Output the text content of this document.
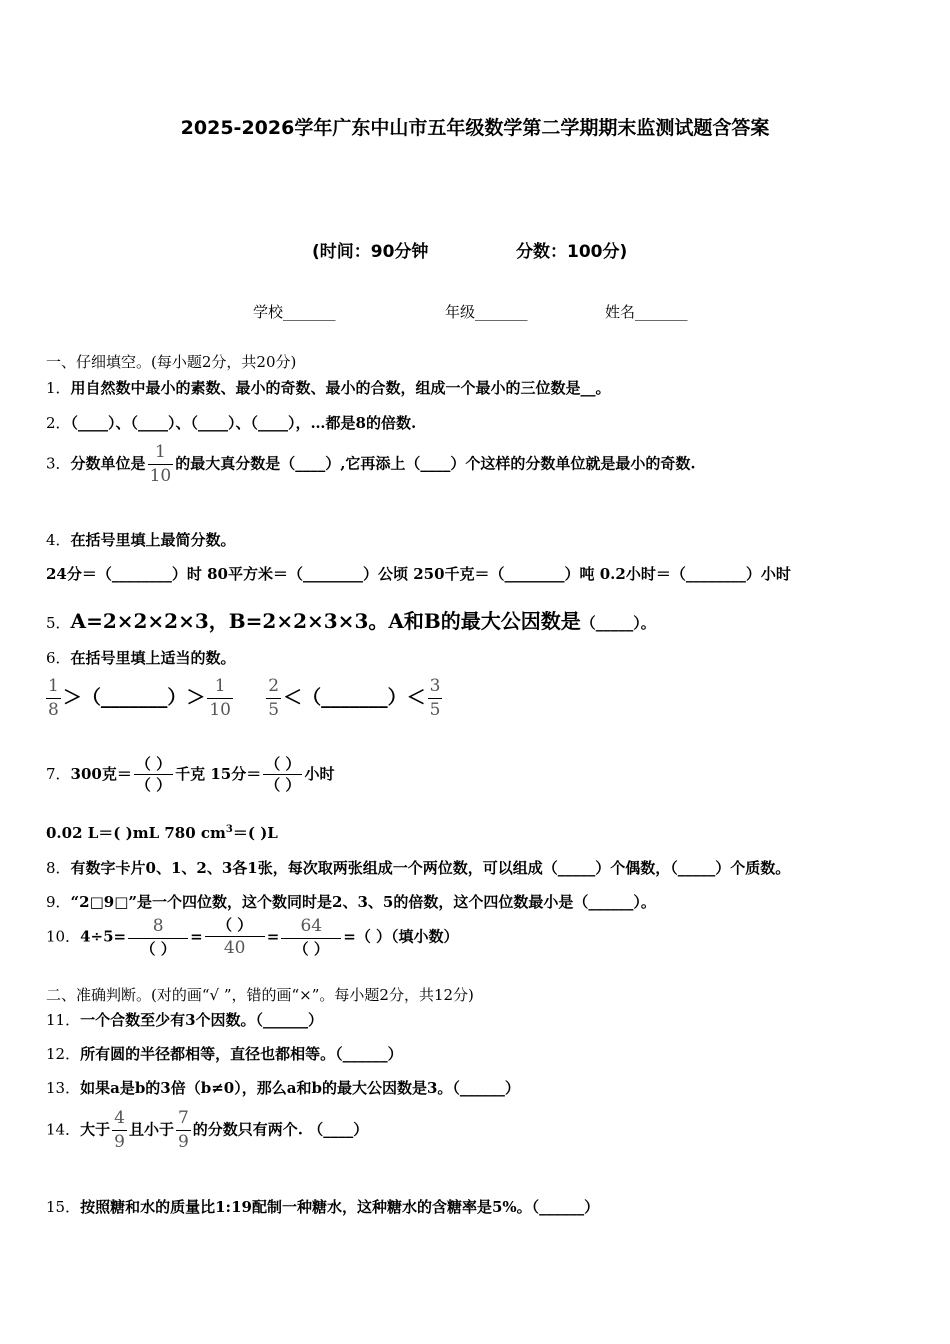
2025-2026学年广东中山市五年级数学第二学期期末监测试题含答案
(时间：90分钟	分数：100分)
学校_______	年级_______	姓名_______
一、仔细填空。(每小题2分，共20分)
1．用自然数中最小的素数、最小的奇数、最小的合数，组成一个最小的三位数是__。
2．（____）、（____）、（____）、（____），…都是8的倍数.
3．分数单位是 $\frac{1}{10}$ 的最大真分数是（____）,它再添上（____）个这样的分数单位就是最小的奇数.
4．在括号里填上最简分数。
24分＝（________）时 80平方米＝（________）公顷 250千克＝（________）吨 0.2小时＝（________）小时
5．A=2×2×2×3，B=2×2×3×3。A和B的最大公因数是（_____）。
6．在括号里填上适当的数。
$\frac{1}{8}$ ＞（_______）＞ $\frac{1}{10}$
$\frac{2}{5}$ ＜（_______）＜ $\frac{3}{5}$
7．300克＝ $\frac{( )}{( )}$ 千克 15分＝ $\frac{( )}{( )}$ 小时
0.02 L＝( )mL 780 $cm^3=$( )L
8．有数字卡片0、1、2、3各1张，每次取两张组成一个两位数，可以组成（_____）个偶数，（_____）个质数。
9．“2□9□”是一个四位数，这个数同时是2、3、5的倍数，这个四位数最小是（______）。
10．$4\div 5= \frac{8}{( )} = \frac{( )}{40} = \frac{64}{( )}$ =（ ）（填小数）
二、准确判断。(对的画“√ ”，错的画“×”。每小题2分，共12分)
11．一个合数至少有3个因数。（______）
12．所有圆的半径都相等，直径也都相等。（______）
13．如果a是b的3倍（b≠0），那么a和b的最大公因数是3。（______）
14．大于 $\frac{4}{9}$ 且小于 $\frac{7}{9}$ 的分数只有两个. （____）
15．按照糖和水的质量比1:19配制一种糖水，这种糖水的含糖率是5%。（______）
